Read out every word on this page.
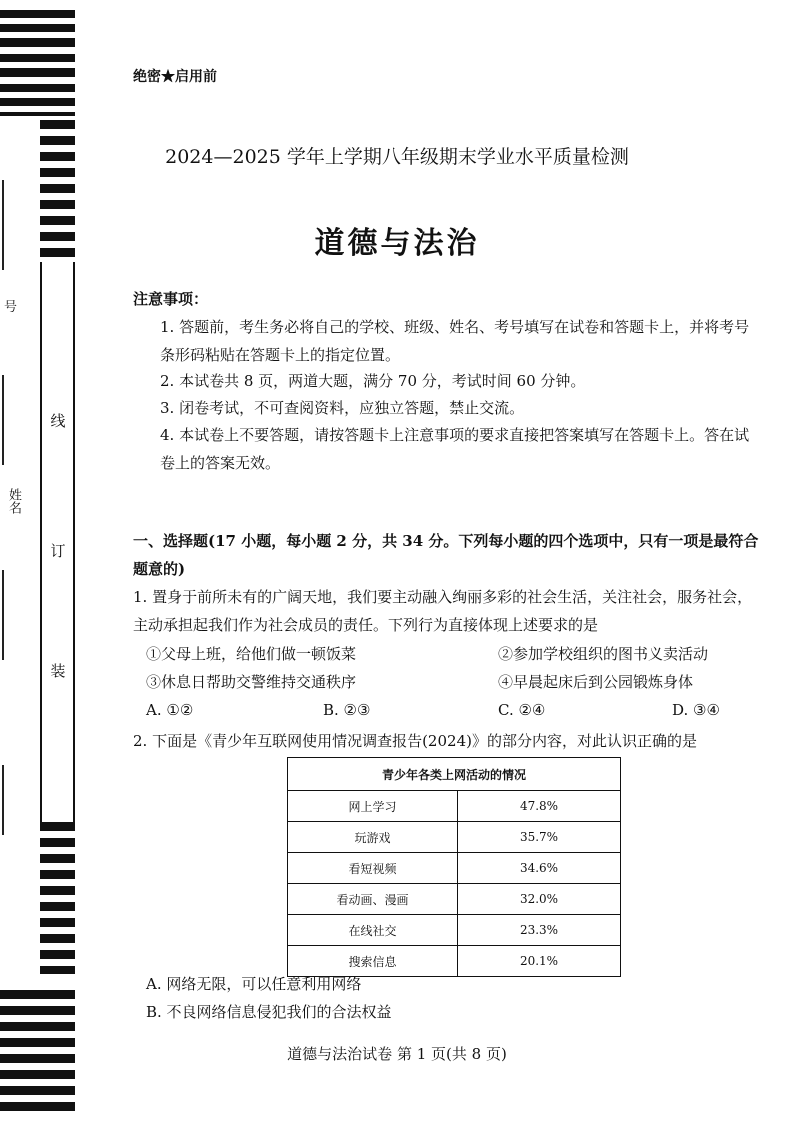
线
订
装
号
姓名
绝密★启用前
2024—2025 学年上学期八年级期末学业水平质量检测
道德与法治
注意事项：
1. 答题前，考生务必将自己的学校、班级、姓名、考号填写在试卷和答题卡上，并将考号条形码粘贴在答题卡上的指定位置。
2. 本试卷共 8 页，两道大题，满分 70 分，考试时间 60 分钟。
3. 闭卷考试，不可查阅资料，应独立答题，禁止交流。
4. 本试卷上不要答题，请按答题卡上注意事项的要求直接把答案填写在答题卡上。答在试卷上的答案无效。
一、选择题(17 小题，每小题 2 分，共 34 分。下列每小题的四个选项中，只有一项是最符合题意的)
1. 置身于前所未有的广阔天地，我们要主动融入绚丽多彩的社会生活，关注社会，服务社会，主动承担起我们作为社会成员的责任。下列行为直接体现上述要求的是
①父母上班，给他们做一顿饭菜	②参加学校组织的图书义卖活动
③休息日帮助交警维持交通秩序	④早晨起床后到公园锻炼身体
A. ①②	B. ②③	C. ②④	D. ③④
2. 下面是《青少年互联网使用情况调查报告(2024)》的部分内容，对此认识正确的是
青少年各类上网活动的情况	
网上学习	47.8%
玩游戏	35.7%
看短视频	34.6%
看动画、漫画	32.0%
在线社交	23.3%
搜索信息	20.1%
A. 网络无限，可以任意利用网络
B. 不良网络信息侵犯我们的合法权益
道德与法治试卷 第 1 页(共 8 页)
